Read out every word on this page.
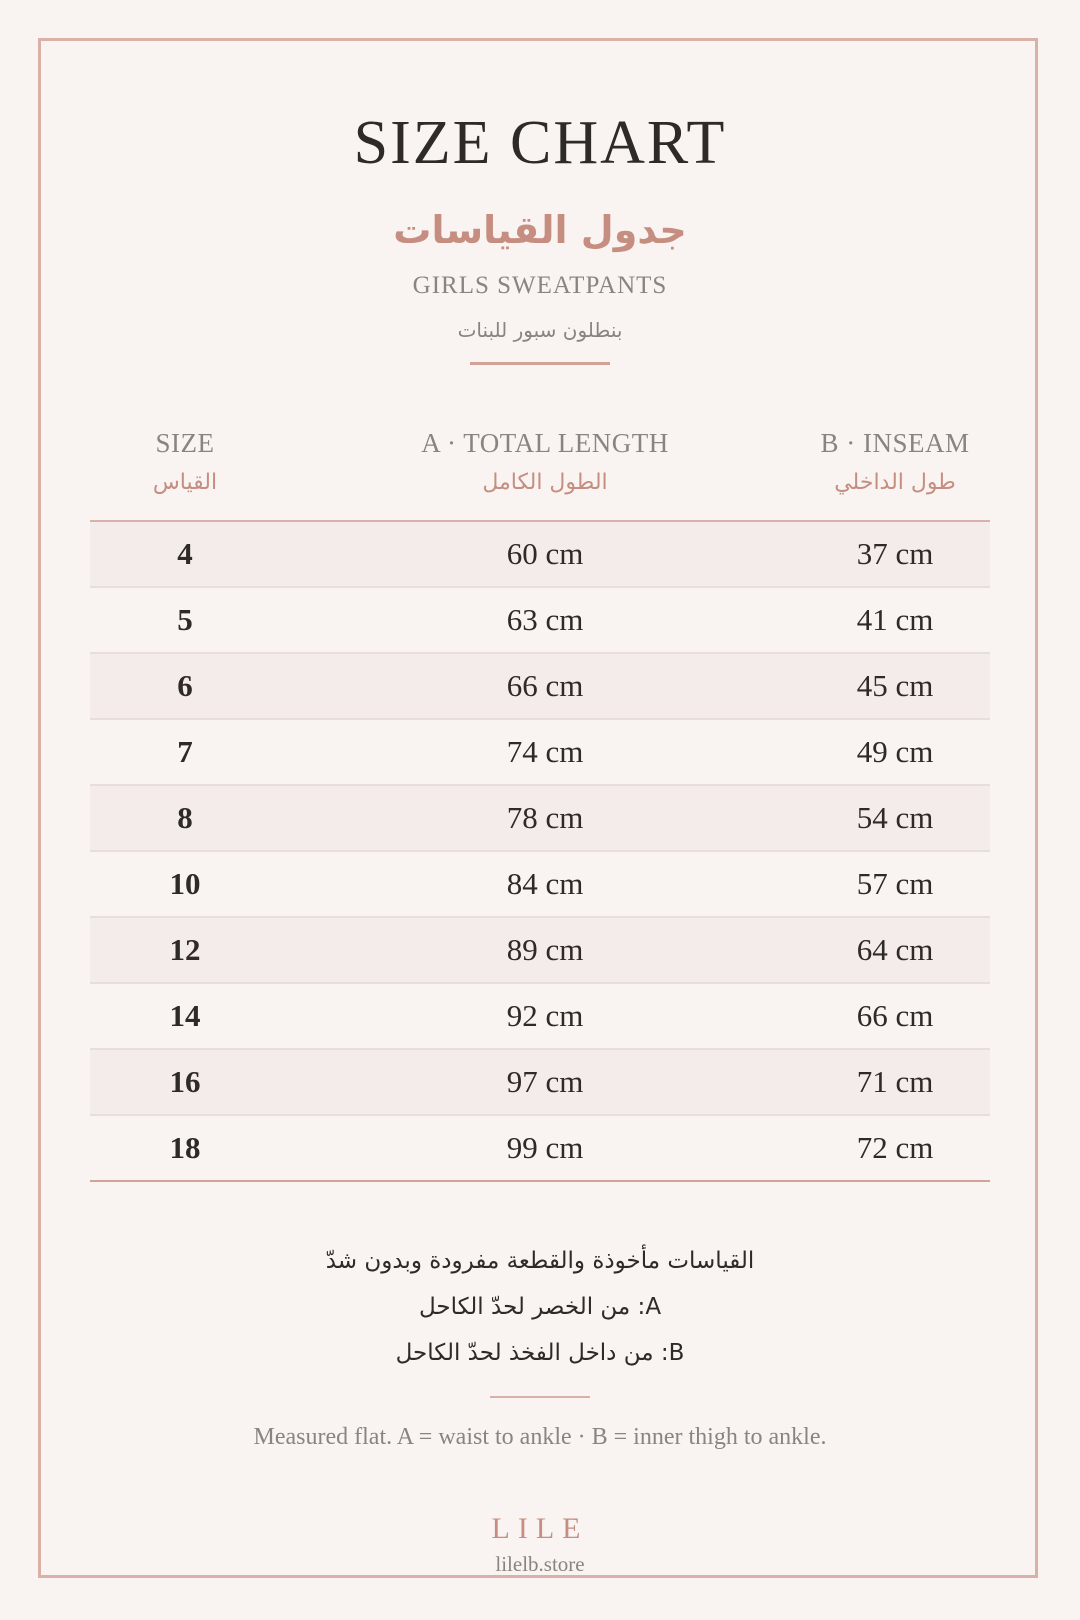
SIZE CHART
جدول القياسات
GIRLS SWEATPANTS
بنطلون سبور للبنات
SIZE	A · TOTAL LENGTH	B · INSEAM
القياس	الطول الكامل	طول الداخلي
4	60 cm	37 cm
5	63 cm	41 cm
6	66 cm	45 cm
7	74 cm	49 cm
8	78 cm	54 cm
10	84 cm	57 cm
12	89 cm	64 cm
14	92 cm	66 cm
16	97 cm	71 cm
18	99 cm	72 cm
القياسات مأخوذة والقطعة مفرودة وبدون شدّ
A: من الخصر لحدّ الكاحل
B: من داخل الفخذ لحدّ الكاحل
Measured flat. A = waist to ankle · B = inner thigh to ankle.
LILE
lilelb.store
